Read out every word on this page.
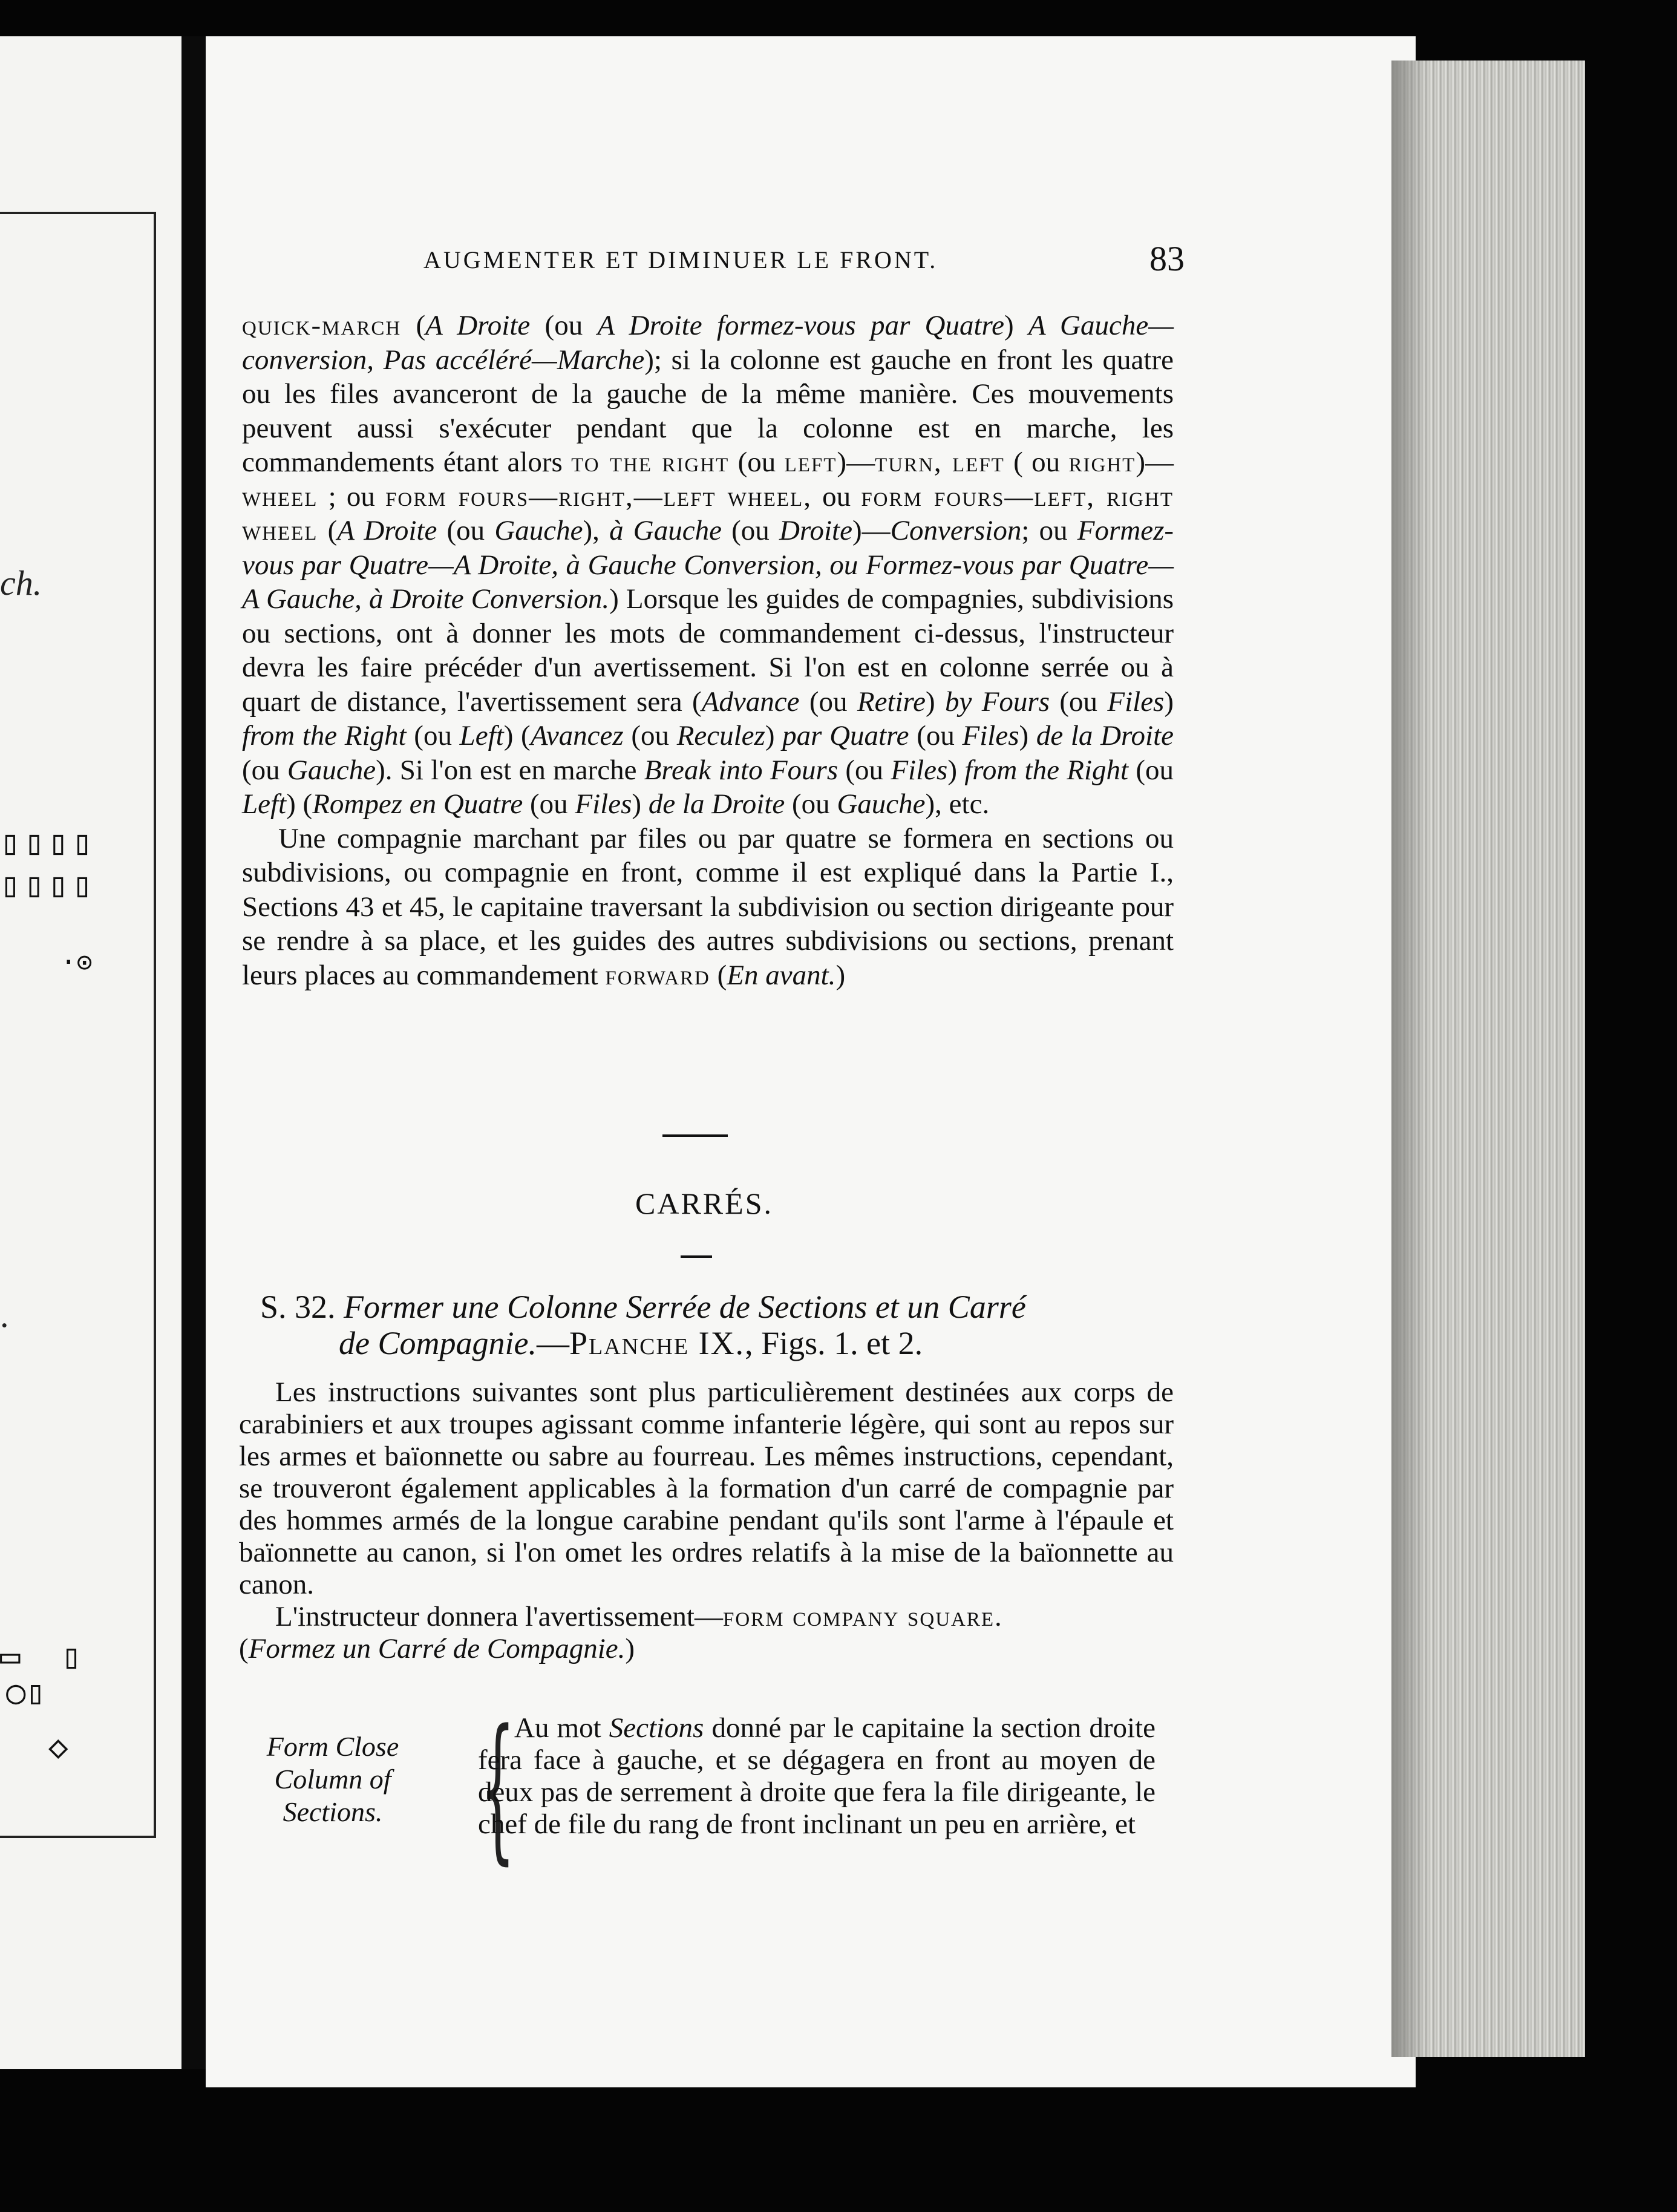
ch.
.
▯▯▯▯
▯▯▯▯
·⊙
▭  ▯
○▯
◇
AUGMENTER ET DIMINUER LE FRONT.	83

quick-march (A Droite (ou A Droite formez-vous par Quatre) A Gauche—conversion, Pas accéléré—Marche); si la colonne est gauche en front les quatre ou les files avanceront de la gauche de la même manière. Ces mouvements peuvent aussi s'exécuter pendant que la colonne est en marche, les commandements étant alors to the right (ou left)—turn, left ( ou right)—wheel ; ou form fours—right,—left wheel, ou form fours—left, right wheel (A Droite (ou Gauche), à Gauche (ou Droite)—Conversion; ou Formez-vous par Quatre—A Droite, à Gauche Conversion, ou Formez-vous par Quatre—A Gauche, à Droite Conversion.) Lorsque les guides de compagnies, subdivisions ou sections, ont à donner les mots de commandement ci-dessus, l'instructeur devra les faire précéder d'un avertissement. Si l'on est en colonne serrée ou à quart de distance, l'avertissement sera (Advance (ou Retire) by Fours (ou Files) from the Right (ou Left) (Avancez (ou Reculez) par Quatre (ou Files) de la Droite (ou Gauche). Si l'on est en marche Break into Fours (ou Files) from the Right (ou Left) (Rompez en Quatre (ou Files) de la Droite (ou Gauche), etc.

Une compagnie marchant par files ou par quatre se formera en sections ou subdivisions, ou compagnie en front, comme il est expliqué dans la Partie I., Sections 43 et 45, le capitaine traversant la subdivision ou section dirigeante pour se rendre à sa place, et les guides des autres subdivisions ou sections, prenant leurs places au commandement forward (En avant.)

CARRÉS.
S. 32. Former une Colonne Serrée de Sections et un Carré
de Compagnie.—Planche IX., Figs. 1. et 2.

Les instructions suivantes sont plus particulièrement destinées aux corps de carabiniers et aux troupes agissant comme infanterie légère, qui sont au repos sur les armes et baïonnette ou sabre au fourreau. Les mêmes instructions, cependant, se trouveront également applicables à la formation d'un carré de compagnie par des hommes armés de la longue carabine pendant qu'ils sont l'arme à l'épaule et baïonnette au canon, si l'on omet les ordres relatifs à la mise de la baïonnette au canon.

L'instructeur donnera l'avertissement—form company square.
(Formez un Carré de Compagnie.)

Form Close
Column of
Sections. {

Au mot Sections donné par le capitaine la section droite fera face à gauche, et se dégagera en front au moyen de deux pas de serrement à droite que fera la file dirigeante, le chef de file du rang de front inclinant un peu en arrière, et
